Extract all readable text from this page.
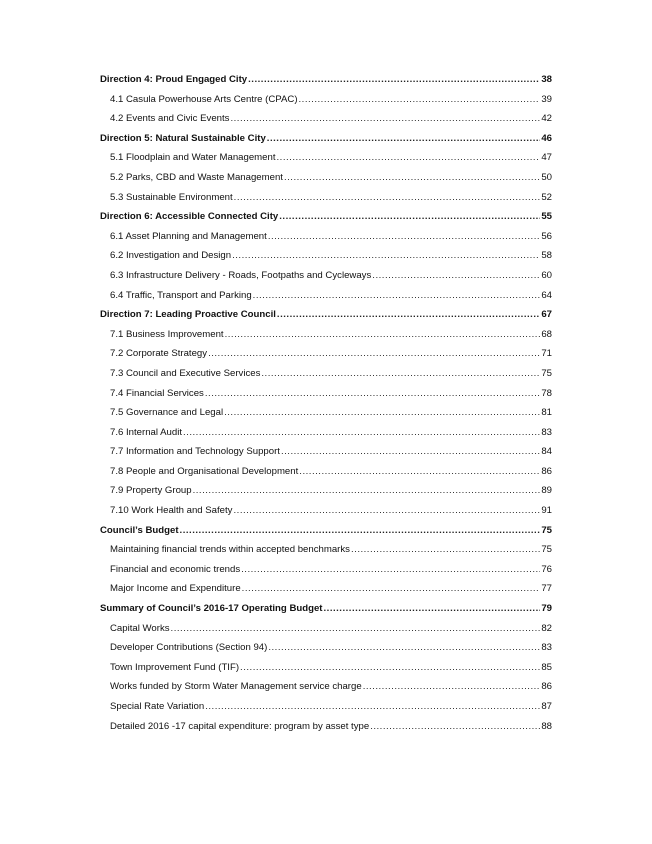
Direction 4: Proud Engaged City .....	38
4.1 Casula Powerhouse Arts Centre (CPAC) .....	39
4.2 Events and Civic Events .....	42
Direction 5: Natural Sustainable City .....	46
5.1 Floodplain and Water Management .....	47
5.2 Parks, CBD and Waste Management .....	50
5.3 Sustainable Environment .....	52
Direction 6: Accessible Connected City .....	55
6.1 Asset Planning and Management .....	56
6.2 Investigation and Design .....	58
6.3 Infrastructure Delivery - Roads, Footpaths and Cycleways .....	60
6.4 Traffic, Transport and Parking .....	64
Direction 7: Leading Proactive Council .....	67
7.1 Business Improvement .....	68
7.2 Corporate Strategy .....	71
7.3 Council and Executive Services .....	75
7.4 Financial Services .....	78
7.5 Governance and Legal .....	81
7.6 Internal Audit .....	83
7.7 Information and Technology Support .....	84
7.8 People and Organisational Development .....	86
7.9 Property Group .....	89
7.10 Work Health and Safety .....	91
Council’s Budget .....	75
Maintaining financial trends within accepted benchmarks .....	75
Financial and economic trends .....	76
Major Income and Expenditure .....	77
Summary of Council’s 2016-17 Operating Budget .....	79
Capital Works .....	82
Developer Contributions (Section 94) .....	83
Town Improvement Fund (TIF) .....	85
Works funded by Storm Water Management service charge .....	86
Special Rate Variation .....	87
Detailed 2016 -17 capital expenditure: program by asset type .....	88
